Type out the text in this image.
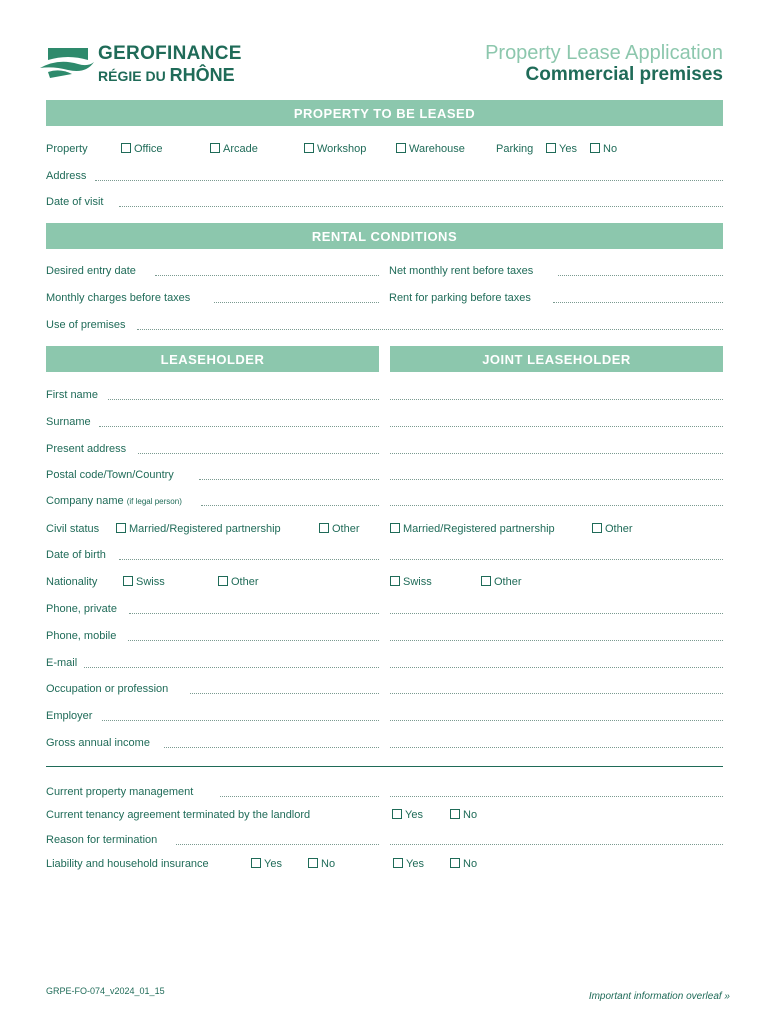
GEROFINANCE
RÉGIE DU RHÔNE
Property Lease Application
Commercial premises
PROPERTY TO BE LEASED
Property	Office	Arcade	Workshop	Warehouse	Parking	Yes	No
Address
Date of visit
RENTAL CONDITIONS
Desired entry date	Net monthly rent before taxes
Monthly charges before taxes	Rent for parking before taxes
Use of premises
LEASEHOLDER	JOINT LEASEHOLDER
First name
Surname
Present address
Postal code/Town/Country
Company name (if legal person)
Civil status	Married/Registered partnership	Other	Married/Registered partnership	Other
Date of birth
Nationality	Swiss	Other	Swiss	Other
Phone, private
Phone, mobile
E-mail
Occupation or profession
Employer
Gross annual income
Current property management
Current tenancy agreement terminated by the landlord	Yes	No
Reason for termination
Liability and household insurance	Yes	No	Yes	No
GRPE-FO-074_v2024_01_15	Important information overleaf »
